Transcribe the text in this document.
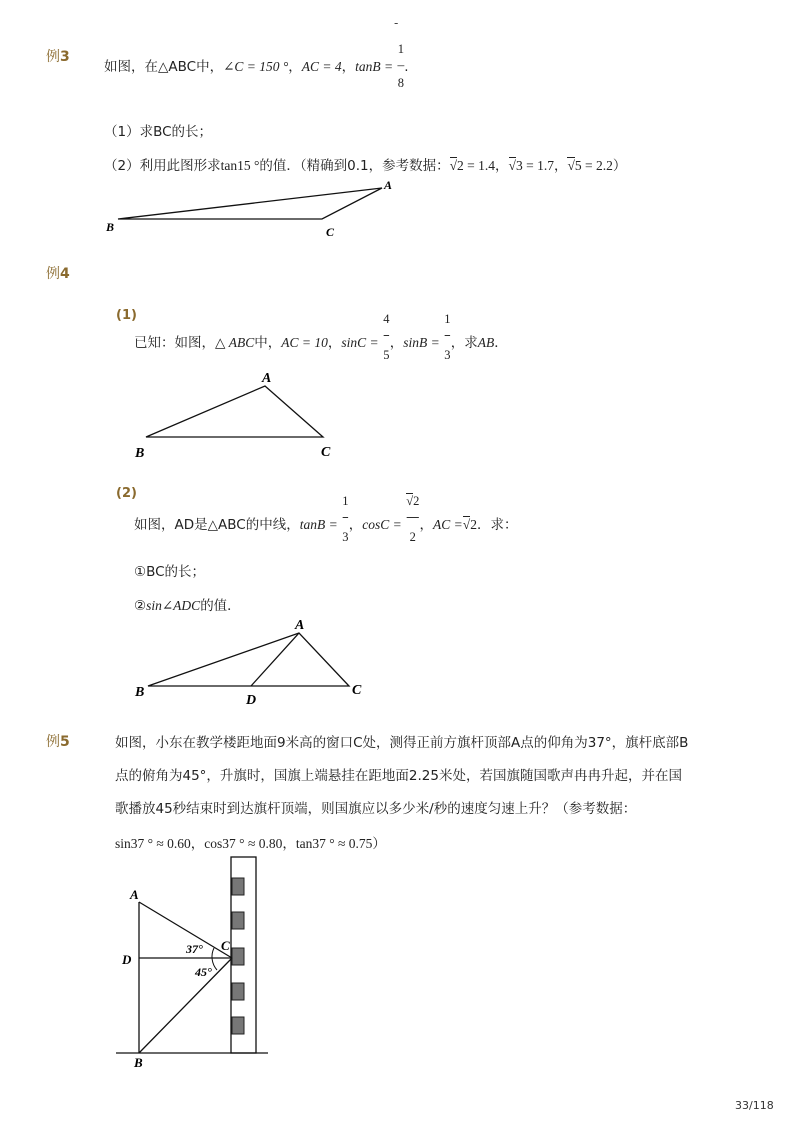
-
例3
如图，在△ABC中，∠C = 150 °，AC = 4，tanB =
1
–
8
.
（1）求BC的长；
（2）利用此图形求tan15 °的值．（精确到0.1，参考数据：√2 = 1.4，√3 = 1.7，√5 = 2.2）
A
B	C
例4
(1)
已知：如图，△ ABC中，AC = 10，sinC =
4
–
5
，sinB =
1
–
3
，求AB．
A
B	C
(2)
如图，AD是△ABC的中线，tanB =
1
–
3
，cosC =
√2
—
2
，AC =√2．求：
①BC的长；
②sin∠ADC的值．
A
B	C
D
例5	如图，小东在教学楼距地面9米高的窗口C处，测得正前方旗杆顶部A点的仰角为37°，旗杆底部B
点的俯角为45°，升旗时，国旗上端悬挂在距地面2.25米处，若国旗随国歌声冉冉升起，并在国
歌播放45秒结束时到达旗杆顶端，则国旗应以多少米/秒的速度匀速上升？（参考数据：
sin37 ° ≈ 0.60，cos37 ° ≈ 0.80，tan37 ° ≈ 0.75）
A
B
C
D
37°
45°
33/118
